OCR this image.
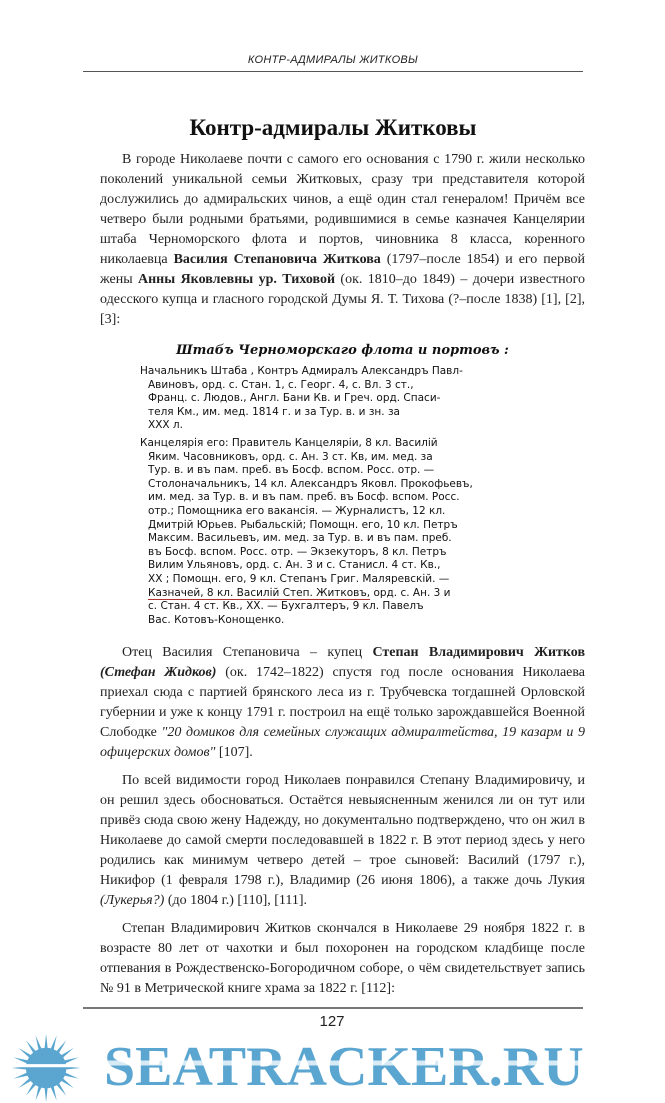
КОНТР-АДМИРАЛЫ ЖИТКОВЫ
Контр-адмиралы Житковы
В городе Николаеве почти с самого его основания с 1790 г. жили несколько поколений уникальной семьи Житковых, сразу три представителя которой дослужились до адмиральских чинов, а ещё один стал генералом! Причём все четверо были родными братьями, родившимися в семье казначея Канцелярии штаба Черноморского флота и портов, чиновника 8 класса, коренного николаевца Василия Степановича Житкова (1797–после 1854) и его первой жены Анны Яковлевны ур. Тиховой (ок. 1810–до 1849) – дочери известного одесского купца и гласного городской Думы Я. Т. Тихова (?–после 1838) [1], [2], [3]:
Штабъ Черноморскаго флота и портовъ :
Начальникъ Штаба , Контръ Адмиралъ Александръ Павл-
Авиновъ, орд. с. Стан. 1, с. Георг. 4, с. Вл. 3 ст.,
Франц. с. Людов., Англ. Бани Кв. и Греч. орд. Спаси-
теля Км., им. мед. 1814 г. и за Тур. в. и зн. за
XXX л.
Канцелярія его: Правитель Канцеляріи, 8 кл. Василій
Яким. Часовниковъ, орд. с. Ан. 3 ст. Кв, им. мед. за
Тур. в. и въ пам. преб. въ Босф. вспом. Росс. отр. —
Столоначальникъ, 14 кл. Александръ Яковл. Прокофьевъ,
им. мед. за Тур. в. и въ пам. преб. въ Босф. вспом. Росс.
отр.; Помощника его вакансія. — Журналистъ, 12 кл.
Дмитрій Юрьев. Рыбальскій; Помощн. его, 10 кл. Петръ
Максим. Васильевъ, им. мед. за Тур. в. и въ пам. преб.
въ Босф. вспом. Росс. отр. — Экзекуторъ, 8 кл. Петръ
Вилим Ульяновъ, орд. с. Ан. 3 и с. Станисл. 4 ст. Кв.,
XX ; Помощн. его, 9 кл. Степанъ Григ. Маляревскій. —
Казначей, 8 кл. Василій Степ. Житковъ, орд. с. Ан. 3 и
с. Стан. 4 ст. Кв., XX. — Бухгалтеръ, 9 кл. Павелъ
Вас. Котовъ-Конощенко.
Отец Василия Степановича – купец Степан Владимирович Житков (Стефан Жидков) (ок. 1742–1822) спустя год после основания Николаева приехал сюда с партией брянского леса из г. Трубчевска тогдашней Орловской губернии и уже к концу 1791 г. построил на ещё только зарождавшейся Военной Слободке "20 домиков для семейных служащих адмиралтейства, 19 казарм и 9 офицерских домов" [107].
По всей видимости город Николаев понравился Степану Владимировичу, и он решил здесь обосноваться. Остаётся невыясненным женился ли он тут или привёз сюда свою жену Надежду, но документально подтверждено, что он жил в Николаеве до самой смерти последовавшей в 1822 г. В этот период здесь у него родились как минимум четверо детей – трое сыновей: Василий (1797 г.), Никифор (1 февраля 1798 г.), Владимир (26 июня 1806), а также дочь Лукия (Лукерья?) (до 1804 г.) [110], [111].
Степан Владимирович Житков скончался в Николаеве 29 ноября 1822 г. в возрасте 80 лет от чахотки и был похоронен на городском кладбище после отпевания в Рождественско-Богородичном соборе, о чём свидетельствует запись № 91 в Метрической книге храма за 1822 г. [112]:
127
SEATRACKER.RU
